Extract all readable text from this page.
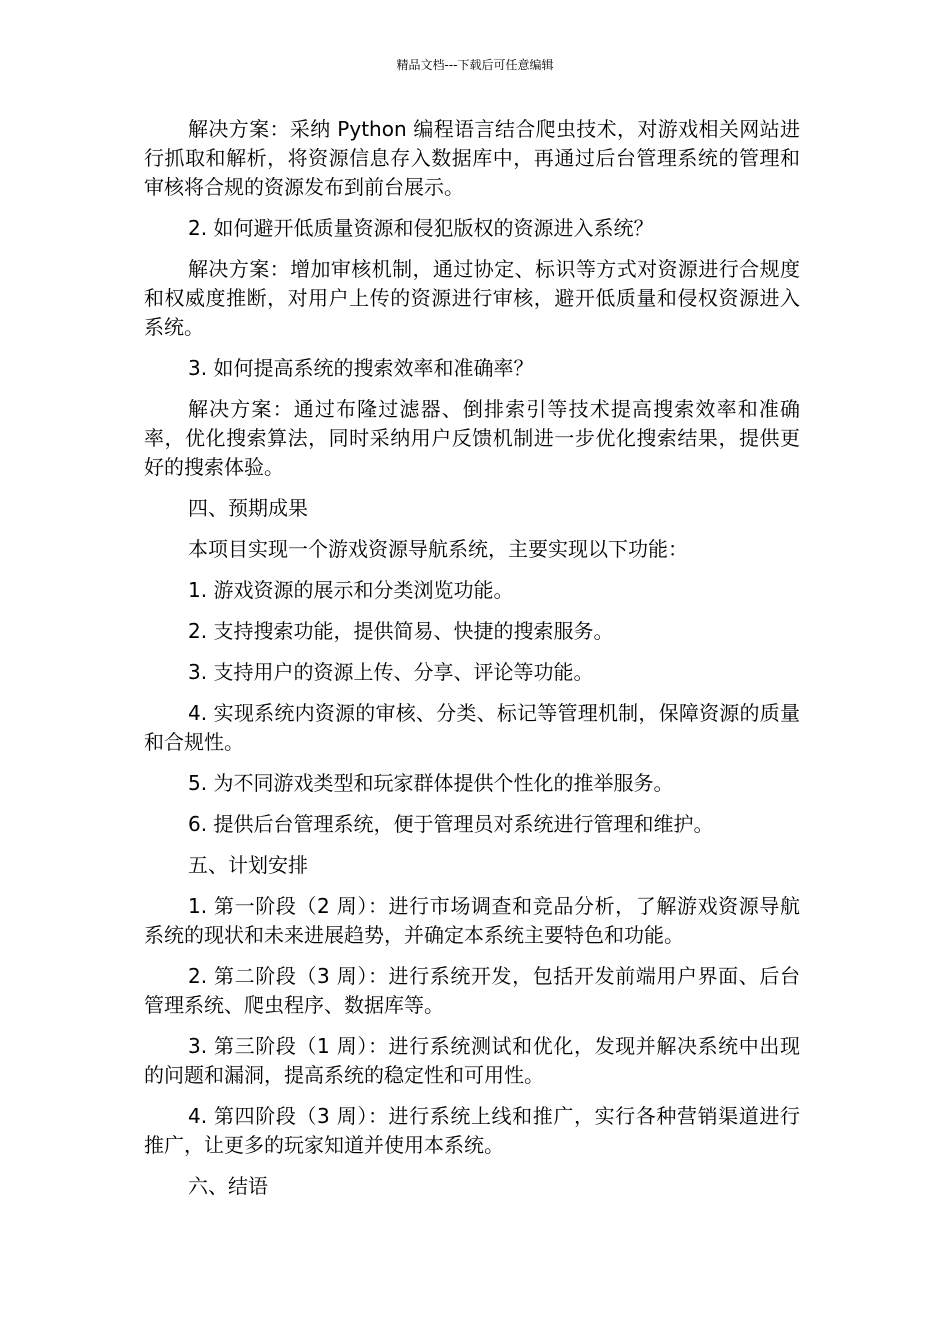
精品文档---下载后可任意编辑

解决方案：采纳 Python 编程语言结合爬虫技术，对游戏相关网站进行抓取和解析，将资源信息存入数据库中，再通过后台管理系统的管理和审核将合规的资源发布到前台展示。

2. 如何避开低质量资源和侵犯版权的资源进入系统？

解决方案：增加审核机制，通过协定、标识等方式对资源进行合规度和权威度推断，对用户上传的资源进行审核，避开低质量和侵权资源进入系统。

3. 如何提高系统的搜索效率和准确率？

解决方案：通过布隆过滤器、倒排索引等技术提高搜索效率和准确率，优化搜索算法，同时采纳用户反馈机制进一步优化搜索结果，提供更好的搜索体验。

四、预期成果

本项目实现一个游戏资源导航系统，主要实现以下功能：

1. 游戏资源的展示和分类浏览功能。

2. 支持搜索功能，提供简易、快捷的搜索服务。

3. 支持用户的资源上传、分享、评论等功能。

4. 实现系统内资源的审核、分类、标记等管理机制，保障资源的质量和合规性。

5. 为不同游戏类型和玩家群体提供个性化的推举服务。

6. 提供后台管理系统，便于管理员对系统进行管理和维护。

五、计划安排

1. 第一阶段（2 周）：进行市场调查和竞品分析，了解游戏资源导航系统的现状和未来进展趋势，并确定本系统主要特色和功能。

2. 第二阶段（3 周）：进行系统开发，包括开发前端用户界面、后台管理系统、爬虫程序、数据库等。

3. 第三阶段（1 周）：进行系统测试和优化，发现并解决系统中出现的问题和漏洞，提高系统的稳定性和可用性。

4. 第四阶段（3 周）：进行系统上线和推广，实行各种营销渠道进行推广，让更多的玩家知道并使用本系统。

六、结语
